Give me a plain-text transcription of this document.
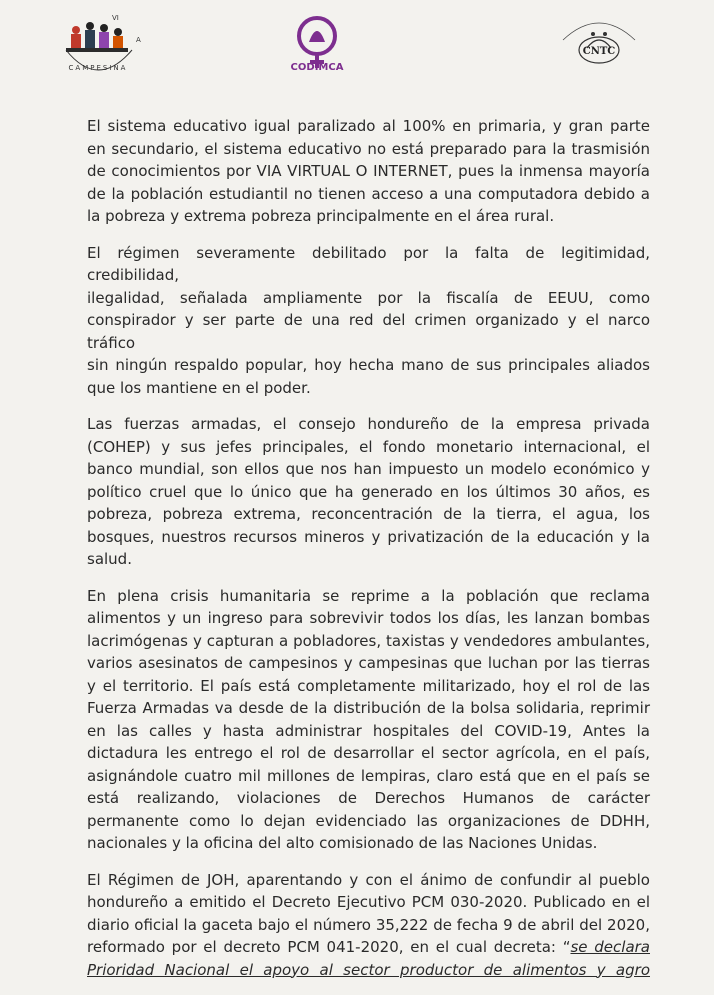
CAMPESINA
A
VI
CODIMCA
CNTC

El sistema educativo igual paralizado al 100% en primaria, y gran parte
en secundario, el sistema educativo no está preparado para la trasmisión
de conocimientos por VIA VIRTUAL O INTERNET, pues la inmensa mayoría
de la población estudiantil no tienen acceso a una computadora debido a
la pobreza y extrema pobreza principalmente en el área rural.

El régimen severamente debilitado por la falta de legitimidad, credibilidad,
ilegalidad, señalada ampliamente por la fiscalía de EEUU, como
conspirador y ser parte de una red del crimen organizado y el narco tráfico
sin ningún respaldo popular, hoy hecha mano de sus principales aliados
que los mantiene en el poder.

Las fuerzas armadas, el consejo hondureño de la empresa privada
(COHEP) y sus jefes principales, el fondo monetario internacional, el
banco mundial, son ellos que nos han impuesto un modelo económico y
político cruel que lo único que ha generado en los últimos 30 años, es
pobreza, pobreza extrema, reconcentración de la tierra, el agua, los
bosques, nuestros recursos mineros y privatización de la educación y la
salud.

En plena crisis humanitaria se reprime a la población que reclama
alimentos y un ingreso para sobrevivir todos los días, les lanzan bombas
lacrimógenas y capturan a pobladores, taxistas y vendedores ambulantes,
varios asesinatos de campesinos y campesinas que luchan por las tierras
y el territorio. El país está completamente militarizado, hoy el rol de las
Fuerza Armadas va desde de la distribución de la bolsa solidaria, reprimir
en las calles y hasta administrar hospitales del COVID-19, Antes la
dictadura les entrego el rol de desarrollar el sector agrícola, en el país,
asignándole cuatro mil millones de lempiras, claro está que en el país se
está realizando, violaciones de Derechos Humanos de carácter
permanente como lo dejan evidenciado las organizaciones de DDHH,
nacionales y la oficina del alto comisionado de las Naciones Unidas.

El Régimen de JOH, aparentando y con el ánimo de confundir al pueblo
hondureño a emitido el Decreto Ejecutivo PCM 030-2020. Publicado en el
diario oficial la gaceta bajo el número 35,222 de fecha 9 de abril del 2020,
reformado por el decreto PCM 041-2020, en el cual decreta: “se declara
Prioridad Nacional el apoyo al sector productor de alimentos y agro
